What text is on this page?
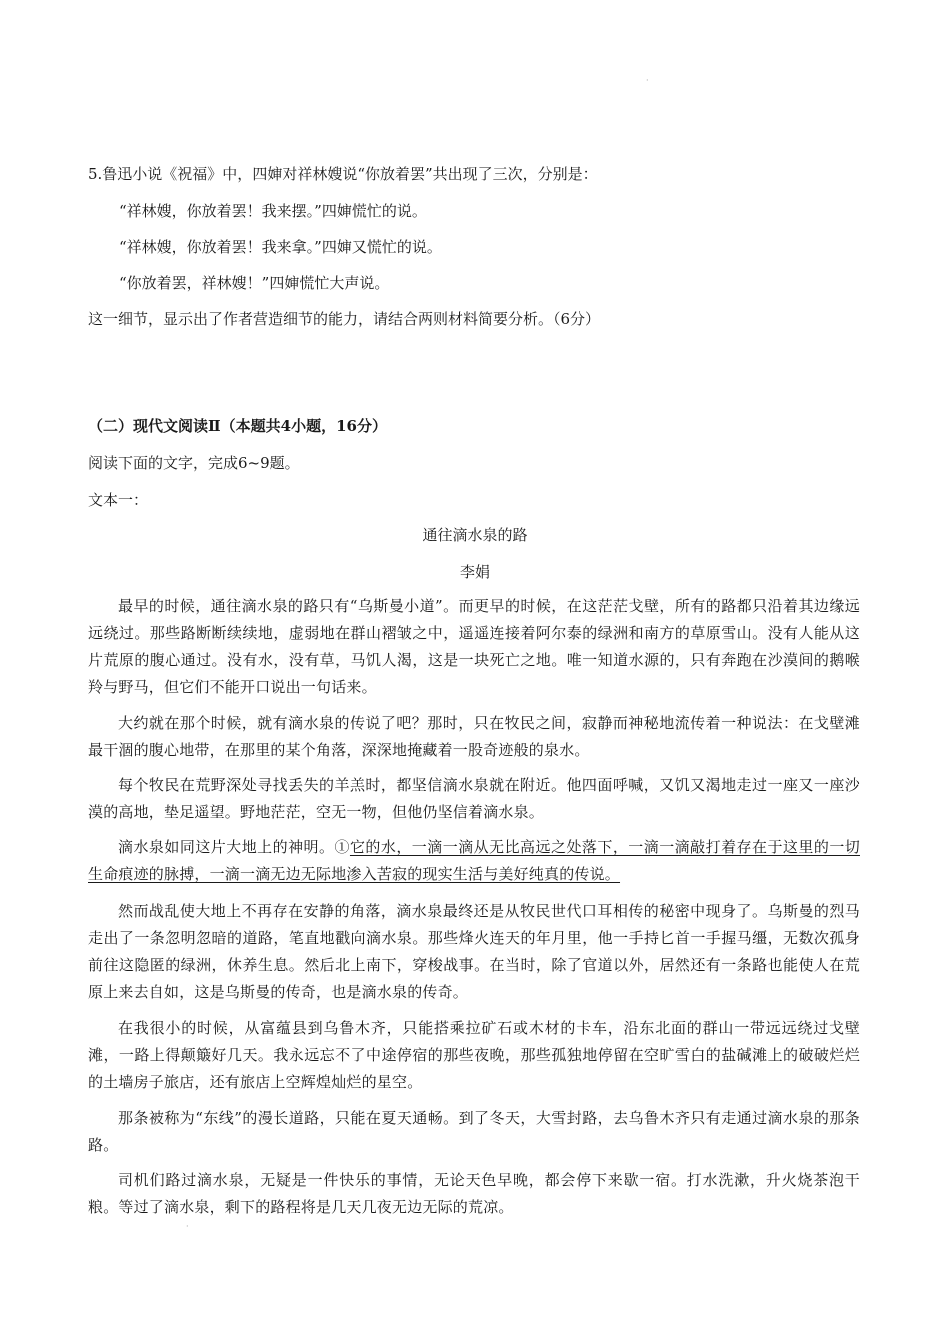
·
5.鲁迅小说《祝福》中，四婶对祥林嫂说“你放着罢”共出现了三次，分别是：
“祥林嫂，你放着罢！我来摆。”四婶慌忙的说。
“祥林嫂，你放着罢！我来拿。”四婶又慌忙的说。
“你放着罢，祥林嫂！”四婶慌忙大声说。
这一细节，显示出了作者营造细节的能力，请结合两则材料简要分析。（6分）
（二）现代文阅读Ⅱ（本题共4小题，16分）
阅读下面的文字，完成6~9题。
文本一：
通往滴水泉的路
李娟

最早的时候，通往滴水泉的路只有“乌斯曼小道”。而更早的时候，在这茫茫戈壁，所有的路都只沿着其边缘远远绕过。那些路断断续续地，虚弱地在群山褶皱之中，遥遥连接着阿尔泰的绿洲和南方的草原雪山。没有人能从这片荒原的腹心通过。没有水，没有草，马饥人渴，这是一块死亡之地。唯一知道水源的，只有奔跑在沙漠间的鹅喉羚与野马，但它们不能开口说出一句话来。

大约就在那个时候，就有滴水泉的传说了吧？那时，只在牧民之间，寂静而神秘地流传着一种说法：在戈壁滩最干涸的腹心地带，在那里的某个角落，深深地掩藏着一股奇迹般的泉水。

每个牧民在荒野深处寻找丢失的羊羔时，都坚信滴水泉就在附近。他四面呼喊，又饥又渴地走过一座又一座沙漠的高地，垫足遥望。野地茫茫，空无一物，但他仍坚信着滴水泉。

滴水泉如同这片大地上的神明。①它的水，一滴一滴从无比高远之处落下，一滴一滴敲打着存在于这里的一切生命痕迹的脉搏，一滴一滴无边无际地渗入苦寂的现实生活与美好纯真的传说。

然而战乱使大地上不再存在安静的角落，滴水泉最终还是从牧民世代口耳相传的秘密中现身了。乌斯曼的烈马走出了一条忽明忽暗的道路，笔直地戳向滴水泉。那些烽火连天的年月里，他一手持匕首一手握马缰，无数次孤身前往这隐匿的绿洲，休养生息。然后北上南下，穿梭战事。在当时，除了官道以外，居然还有一条路也能使人在荒原上来去自如，这是乌斯曼的传奇，也是滴水泉的传奇。

在我很小的时候，从富蕴县到乌鲁木齐，只能搭乘拉矿石或木材的卡车，沿东北面的群山一带远远绕过戈壁滩，一路上得颠簸好几天。我永远忘不了中途停宿的那些夜晚，那些孤独地停留在空旷雪白的盐碱滩上的破破烂烂的土墙房子旅店，还有旅店上空辉煌灿烂的星空。

那条被称为“东线”的漫长道路，只能在夏天通畅。到了冬天，大雪封路，去乌鲁木齐只有走通过滴水泉的那条路。

司机们路过滴水泉，无疑是一件快乐的事情，无论天色早晚，都会停下来歇一宿。打水洗漱，升火烧茶泡干粮。等过了滴水泉，剩下的路程将是几天几夜无边无际的荒凉。

·
